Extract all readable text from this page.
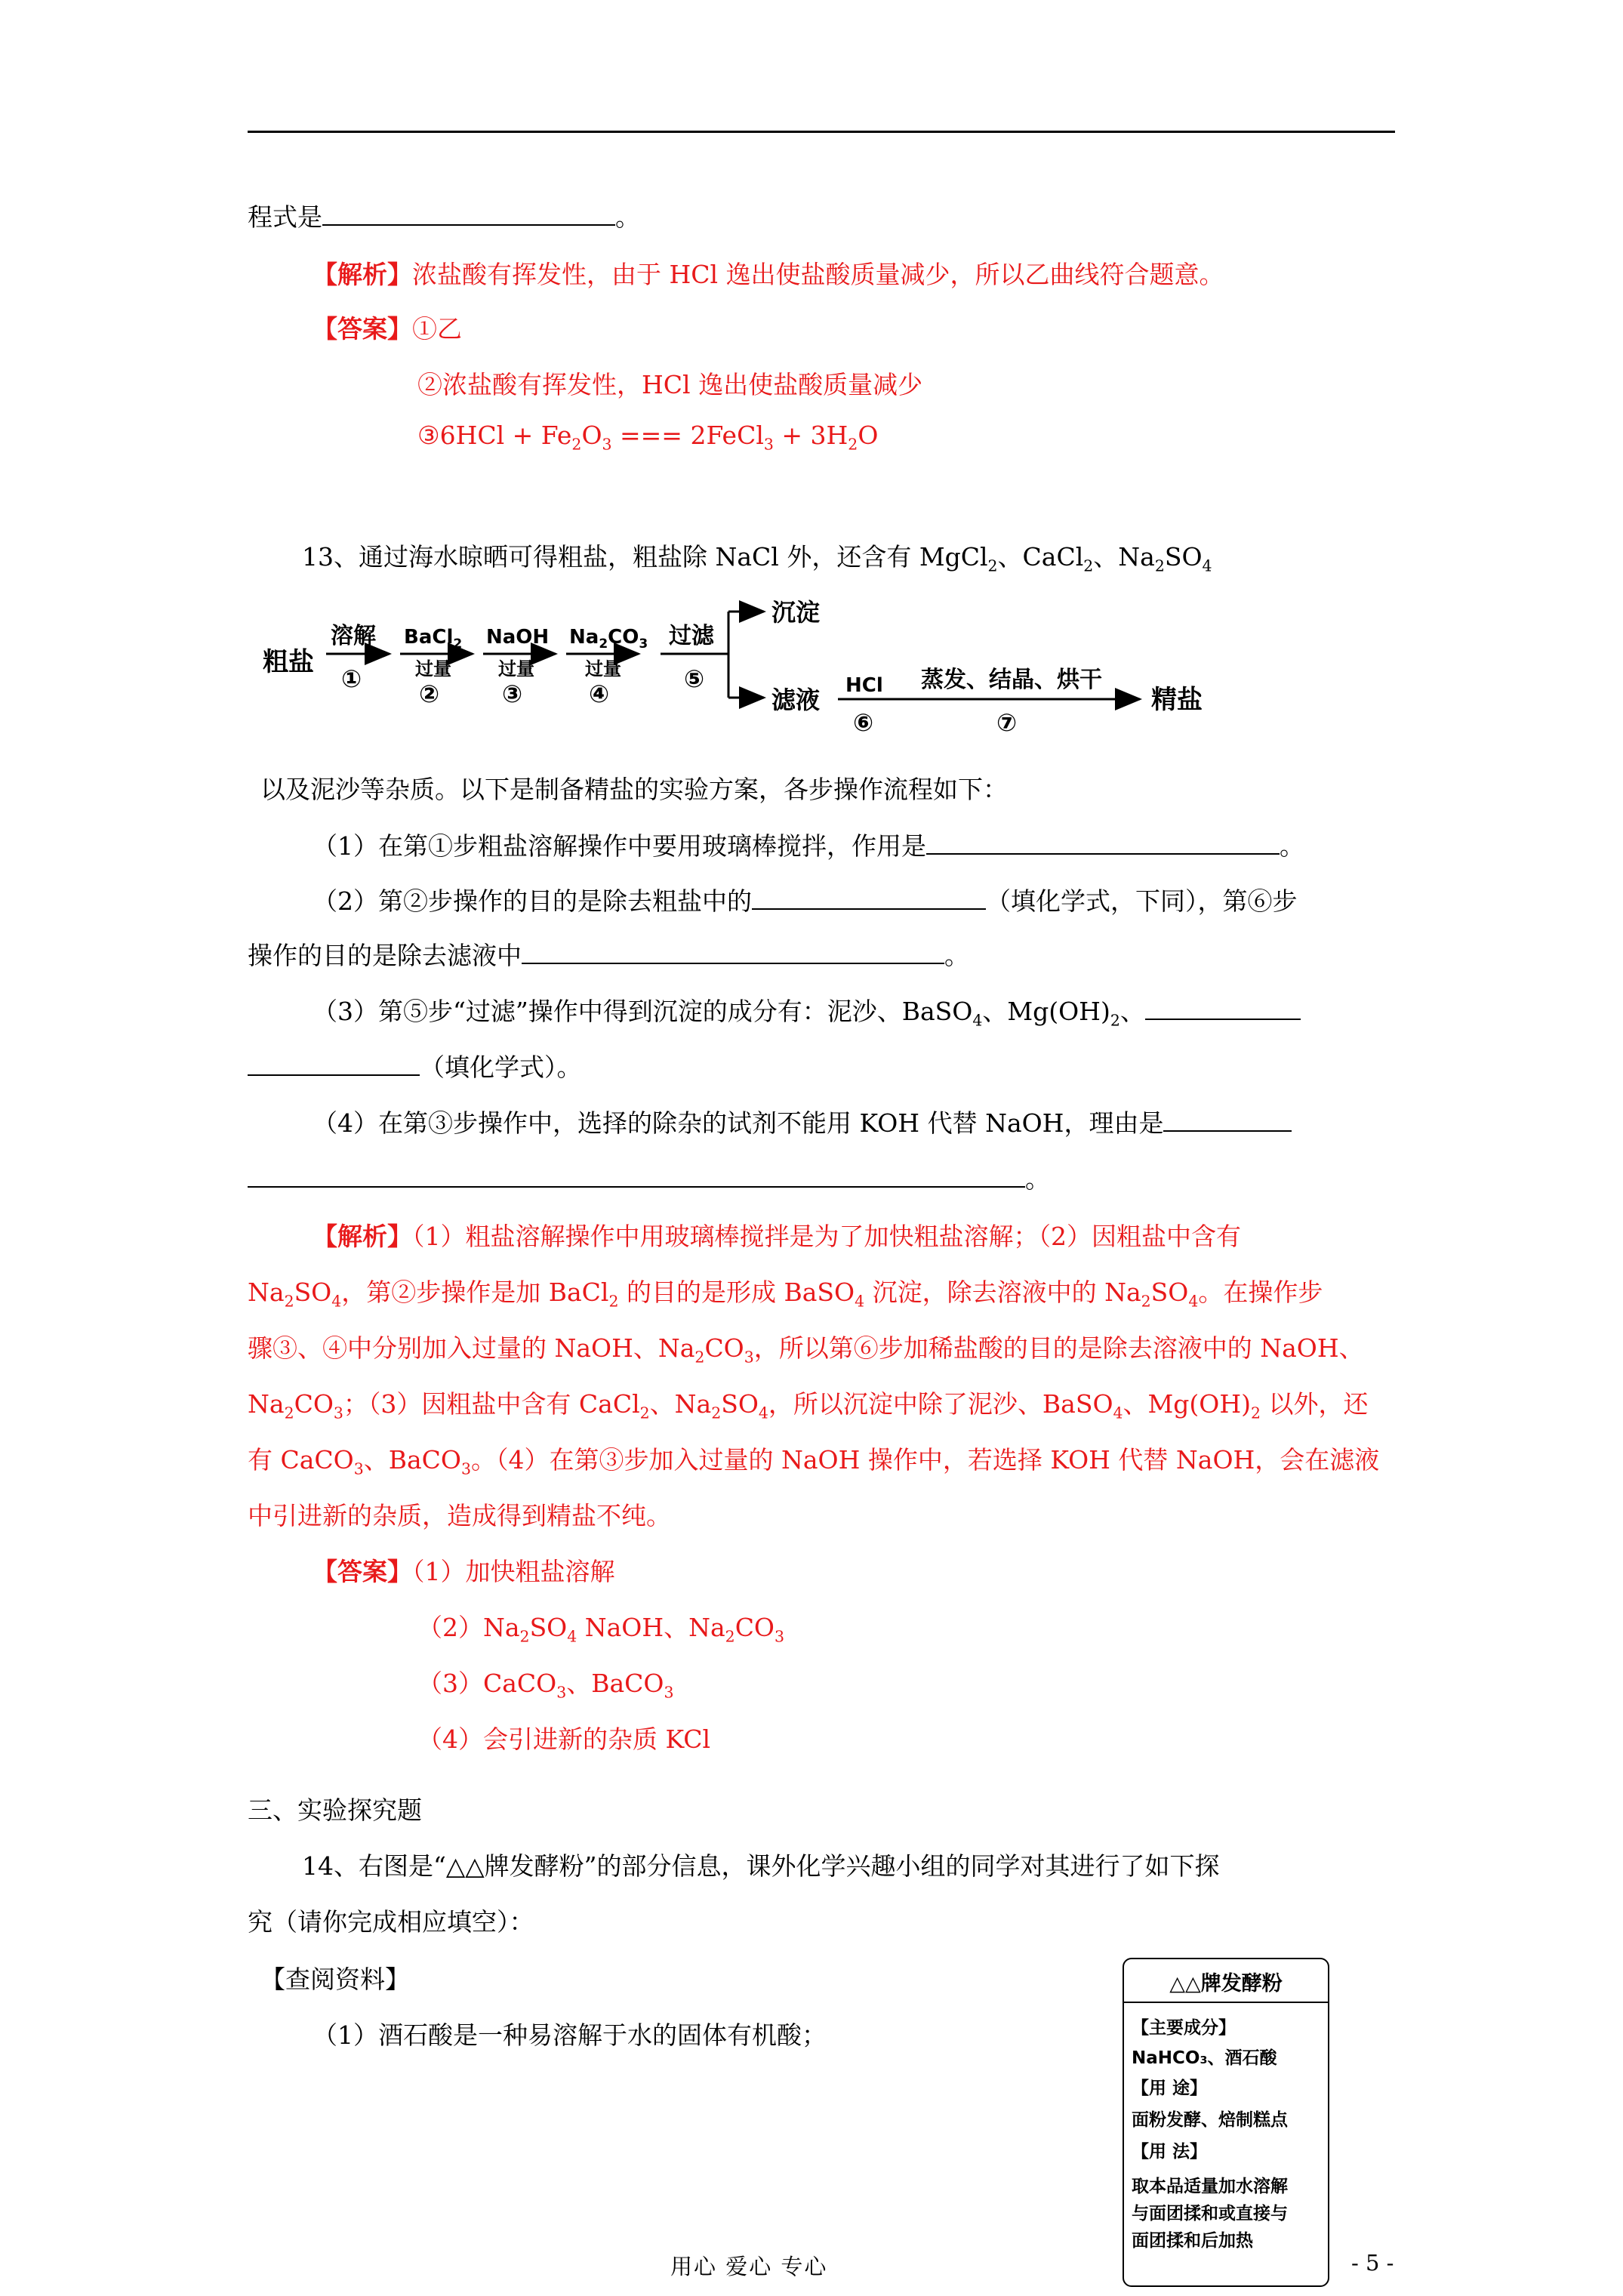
程式是	。
【解析】浓盐酸有挥发性，由于 HCl 逸出使盐酸质量减少，所以乙曲线符合题意。
【答案】①乙
②浓盐酸有挥发性，HCl 逸出使盐酸质量减少
③6HCl + $Fe_2O_3$ === 2FeCl$_3$ + $3H_2O$
13、通过海水晾晒可得粗盐，粗盐除 NaCl 外，还含有 MgCl$_2$、CaCl$_2$、$Na_2SO_4$
粗盐
溶解
①
BaCl$_2$
过量
②
NaOH
过量
③
$Na_2CO_3$
过量
④
过滤
⑤
沉淀
滤液 HCl
⑥
蒸发、结晶、烘干
⑦
精盐
以及泥沙等杂质。以下是制备精盐的实验方案，各步操作流程如下：
（1）在第①步粗盐溶解操作中要用玻璃棒搅拌，作用是	。
（2）第②步操作的目的是除去粗盐中的	（填化学式，下同），第⑥步
操作的目的是除去滤液中	。
（3）第⑤步“过滤”操作中得到沉淀的成分有：泥沙、BaSO$_4$、$Mg(OH)_2$、
（填化学式）。
（4）在第③步操作中，选择的除杂的试剂不能用 KOH 代替 NaOH，理由是
。
【解析】（1）粗盐溶解操作中用玻璃棒搅拌是为了加快粗盐溶解；（2）因粗盐中含有
$Na_2SO_4$，第②步操作是加 BaCl$_2$ 的目的是形成 BaSO$_4$ 沉淀，除去溶液中的 $Na_2SO_4$。在操作步
骤③、④中分别加入过量的 NaOH、$Na_2CO_3$，所以第⑥步加稀盐酸的目的是除去溶液中的 NaOH、
$Na_2CO_3$；（3）因粗盐中含有 CaCl$_2$、$Na_2SO_4$，所以沉淀中除了泥沙、BaSO$_4$、$Mg(OH)_2$ 以外，还
有 CaCO$_3$、BaCO$_3$。（4）在第③步加入过量的 NaOH 操作中，若选择 KOH 代替 NaOH，会在滤液
中引进新的杂质，造成得到精盐不纯。
【答案】（1）加快粗盐溶解
$(2)Na_2SO_4$ NaOH、$Na_2CO_3$
（3）CaCO$_3$、BaCO$_3$
（4）会引进新的杂质 KCl
三、实验探究题
14、右图是“△△牌发酵粉”的部分信息，课外化学兴趣小组的同学对其进行了如下探
究（请你完成相应填空）：
【查阅资料】
（1）酒石酸是一种易溶解于水的固体有机酸；
△△牌发酵粉
【主要成分】
NaHCO₃、酒石酸
【用 途】
面粉发酵、焙制糕点
【用 法】
取本品适量加水溶解
与面团揉和或直接与
面团揉和后加热
用心 爱心 专心	- 5 -
